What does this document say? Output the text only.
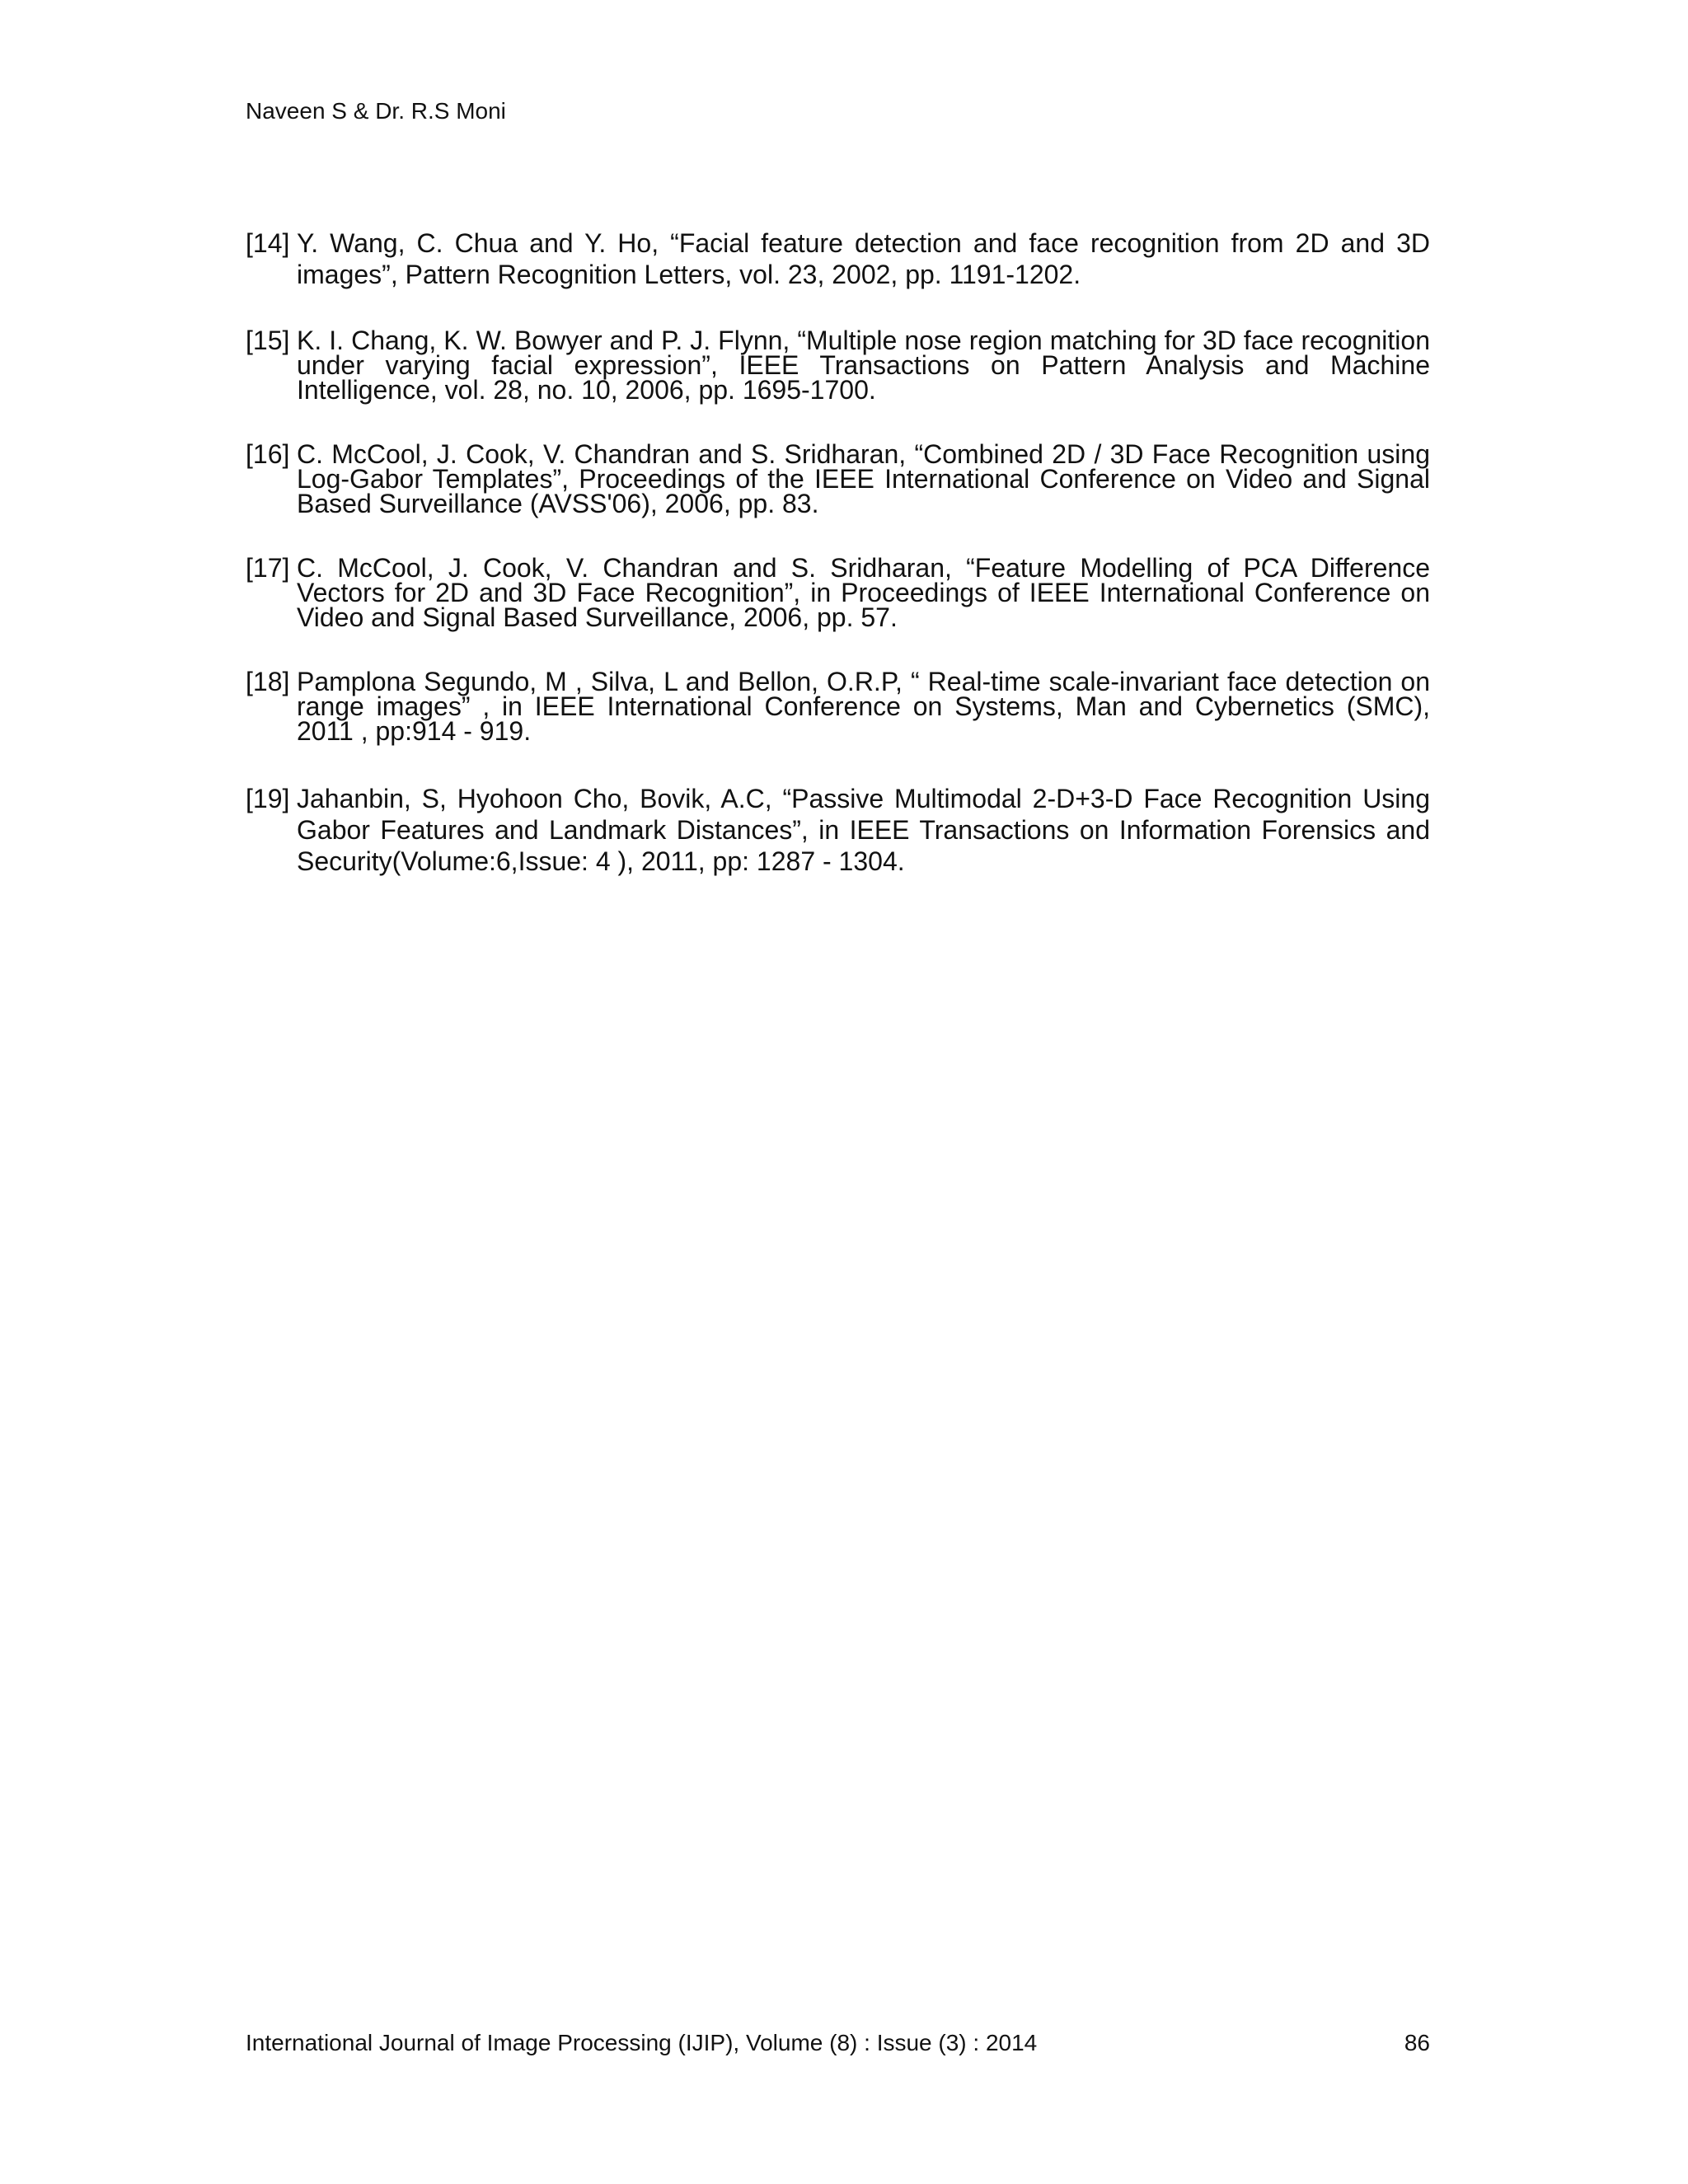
Naveen S & Dr. R.S Moni
[14] Y. Wang, C. Chua and Y. Ho, “Facial feature detection and face recognition from 2D and 3D images”, Pattern Recognition Letters, vol. 23, 2002, pp. 1191-1202.
[15] K. I. Chang, K. W. Bowyer and P. J. Flynn, “Multiple nose region matching for 3D face recognition under varying facial expression”, IEEE Transactions on Pattern Analysis and Machine Intelligence, vol. 28, no. 10, 2006, pp. 1695-1700.
[16] C. McCool, J. Cook, V. Chandran and S. Sridharan, “Combined 2D / 3D Face Recognition using Log-Gabor Templates”, Proceedings of the IEEE International Conference on Video and Signal Based Surveillance (AVSS'06), 2006, pp. 83.
[17] C. McCool, J. Cook, V. Chandran and S. Sridharan, “Feature Modelling of PCA Difference Vectors for 2D and 3D Face Recognition”, in Proceedings of IEEE International Conference on Video and Signal Based Surveillance, 2006, pp. 57.
[18] Pamplona Segundo, M , Silva, L and Bellon, O.R.P, “ Real-time scale-invariant face detection on range images” , in IEEE International Conference on Systems, Man and Cybernetics (SMC), 2011 , pp:914 - 919.
[19] Jahanbin, S, Hyohoon Cho, Bovik, A.C, “Passive Multimodal 2-D+3-D Face Recognition Using Gabor Features and Landmark Distances”, in IEEE Transactions on Information Forensics and Security(Volume:6,Issue: 4 ), 2011, pp: 1287 - 1304.
International Journal of Image Processing (IJIP), Volume (8) : Issue (3) : 2014	86
